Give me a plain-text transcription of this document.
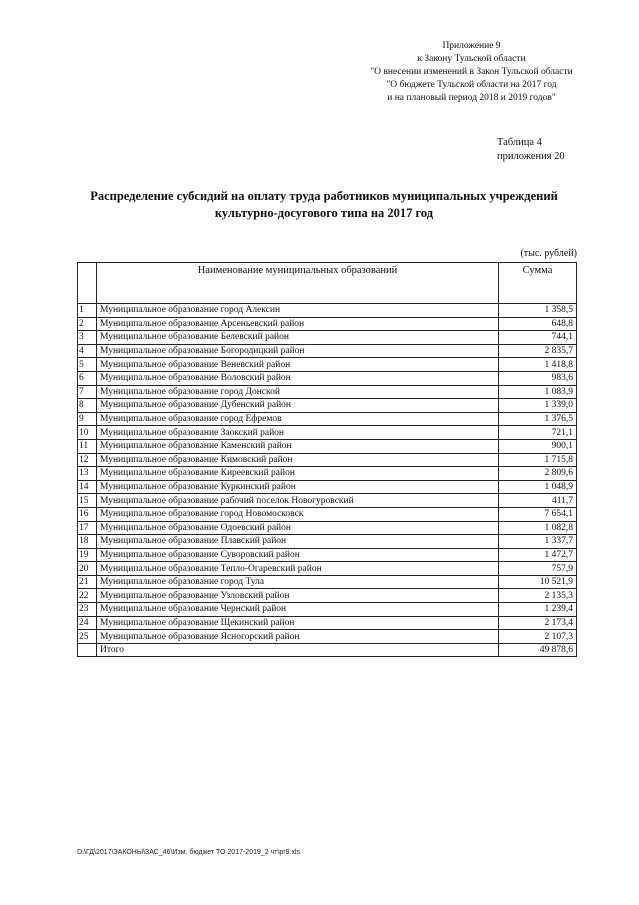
Приложение 9
к Закону Тульской области
"О внесении изменений в Закон Тульской области
"О бюджете Тульской области на 2017 год
и на плановый период 2018 и 2019 годов"
Таблица 4
приложения 20
Распределение субсидий на оплату труда работников муниципальных учреждений
культурно-досугового типа на 2017 год
(тыс. рублей)
	Наименование муниципальных образований	Сумма
1	Муниципальное образование город Алексин	1 358,5
2	Муниципальное образование Арсеньевский район	648,8
3	Муниципальное образование Белевский район	744,1
4	Муниципальное образование Богородицкий район	2 835,7
5	Муниципальное образование Веневский район	1 418,8
6	Муниципальное образование Воловский район	983,6
7	Муниципальное образование город Донской	1 083,9
8	Муниципальное образование Дубенский район	1 339,0
9	Муниципальное образование город Ефремов	1 376,5
10	Муниципальное образование Заокский район	721,1
11	Муниципальное образование Каменский район	900,1
12	Муниципальное образование Кимовский район	1 715,8
13	Муниципальное образование Киреевский район	2 809,6
14	Муниципальное образование Куркинский район	1 048,9
15	Муниципальное образование рабочий поселок Новогуровский	411,7
16	Муниципальное образование город Новомосковск	7 654,1
17	Муниципальное образование Одоевский район	1 082,8
18	Муниципальное образование Плавский район	1 337,7
19	Муниципальное образование Суворовский район	1 472,7
20	Муниципальное образование Тепло-Огаревский район	757,9
21	Муниципальное образование город Тула	10 521,9
22	Муниципальное образование Узловский район	2 135,3
23	Муниципальное образование Чернский район	1 239,4
24	Муниципальное образование Щекинский район	2 173,4
25	Муниципальное образование Ясногорский район	2 107,3
	Итого	49 878,6
D:\ГД\2017\ЗАКОНЫ\ЗАС_46\Изм. бюджет ТО 2017-2019_2 чт\pr9.xls
